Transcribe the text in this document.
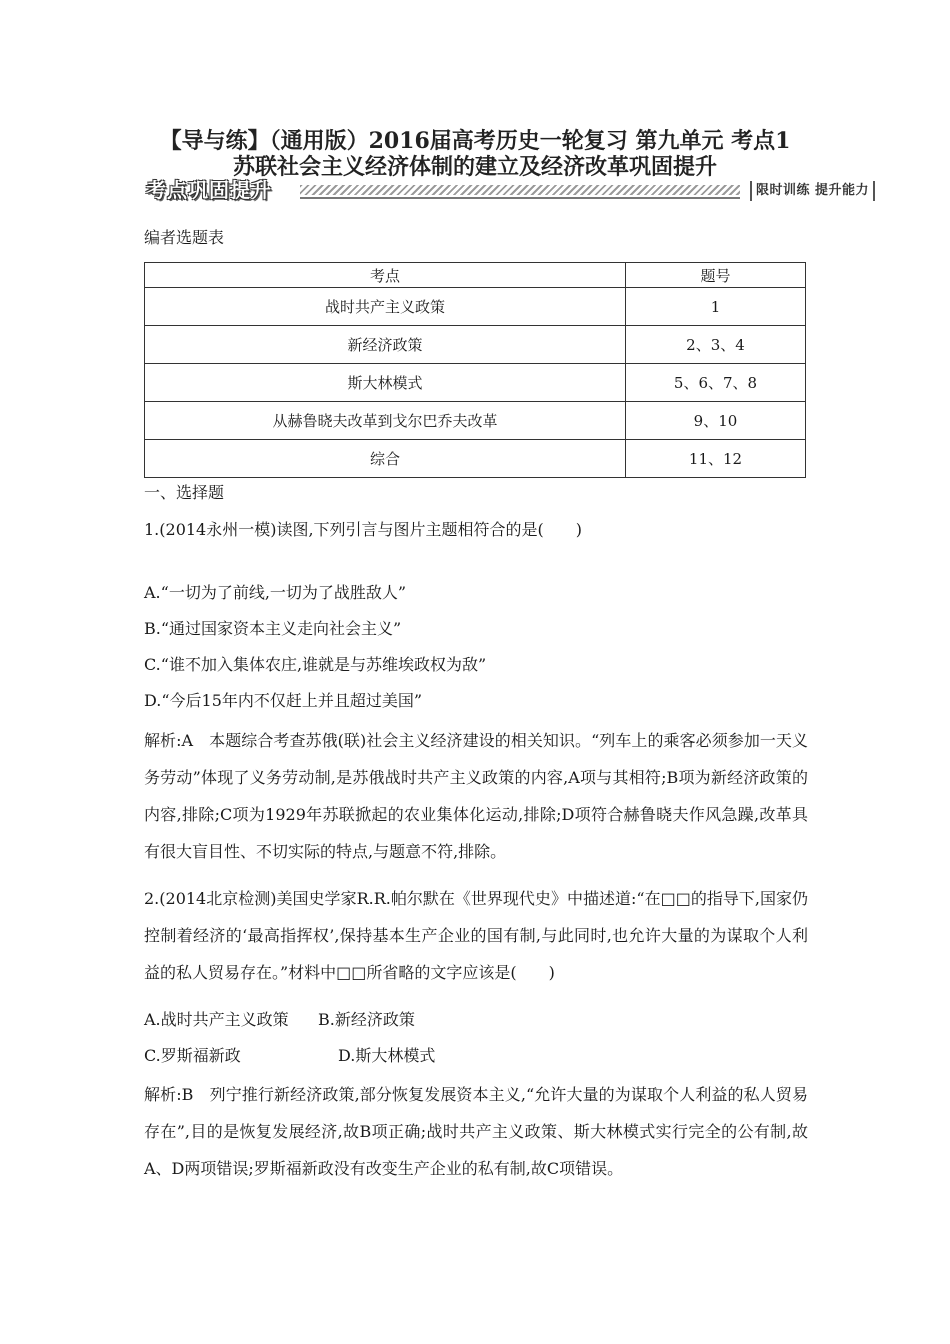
【导与练】（通用版）2016届高考历史一轮复习 第九单元 考点1
苏联社会主义经济体制的建立及经济改革巩固提升
考点巩固提升	限时训练 提升能力
编者选题表
考点	题号
战时共产主义政策	1
新经济政策	2、3、4
斯大林模式	5、6、7、8
从赫鲁晓夫改革到戈尔巴乔夫改革	9、10
综合	11、12
一、选择题
1.(2014永州一模)读图,下列引言与图片主题相符合的是(　　)
A.“一切为了前线,一切为了战胜敌人”
B.“通过国家资本主义走向社会主义”
C.“谁不加入集体农庄,谁就是与苏维埃政权为敌”
D.“今后15年内不仅赶上并且超过美国”
解析:A　本题综合考查苏俄(联)社会主义经济建设的相关知识。“列车上的乘客必须参加一天义务劳动”体现了义务劳动制,是苏俄战时共产主义政策的内容,A项与其相符;B项为新经济政策的内容,排除;C项为1929年苏联掀起的农业集体化运动,排除;D项符合赫鲁晓夫作风急躁,改革具有很大盲目性、不切实际的特点,与题意不符,排除。
2.(2014北京检测)美国史学家R.R.帕尔默在《世界现代史》中描述道:“在□□的指导下,国家仍控制着经济的‘最高指挥权’,保持基本生产企业的国有制,与此同时,也允许大量的为谋取个人利益的私人贸易存在。”材料中□□所省略的文字应该是(　　)
A.战时共产主义政策 B.新经济政策
C.罗斯福新政	D.斯大林模式
解析:B　列宁推行新经济政策,部分恢复发展资本主义,“允许大量的为谋取个人利益的私人贸易存在”,目的是恢复发展经济,故B项正确;战时共产主义政策、斯大林模式实行完全的公有制,故A、D两项错误;罗斯福新政没有改变生产企业的私有制,故C项错误。
